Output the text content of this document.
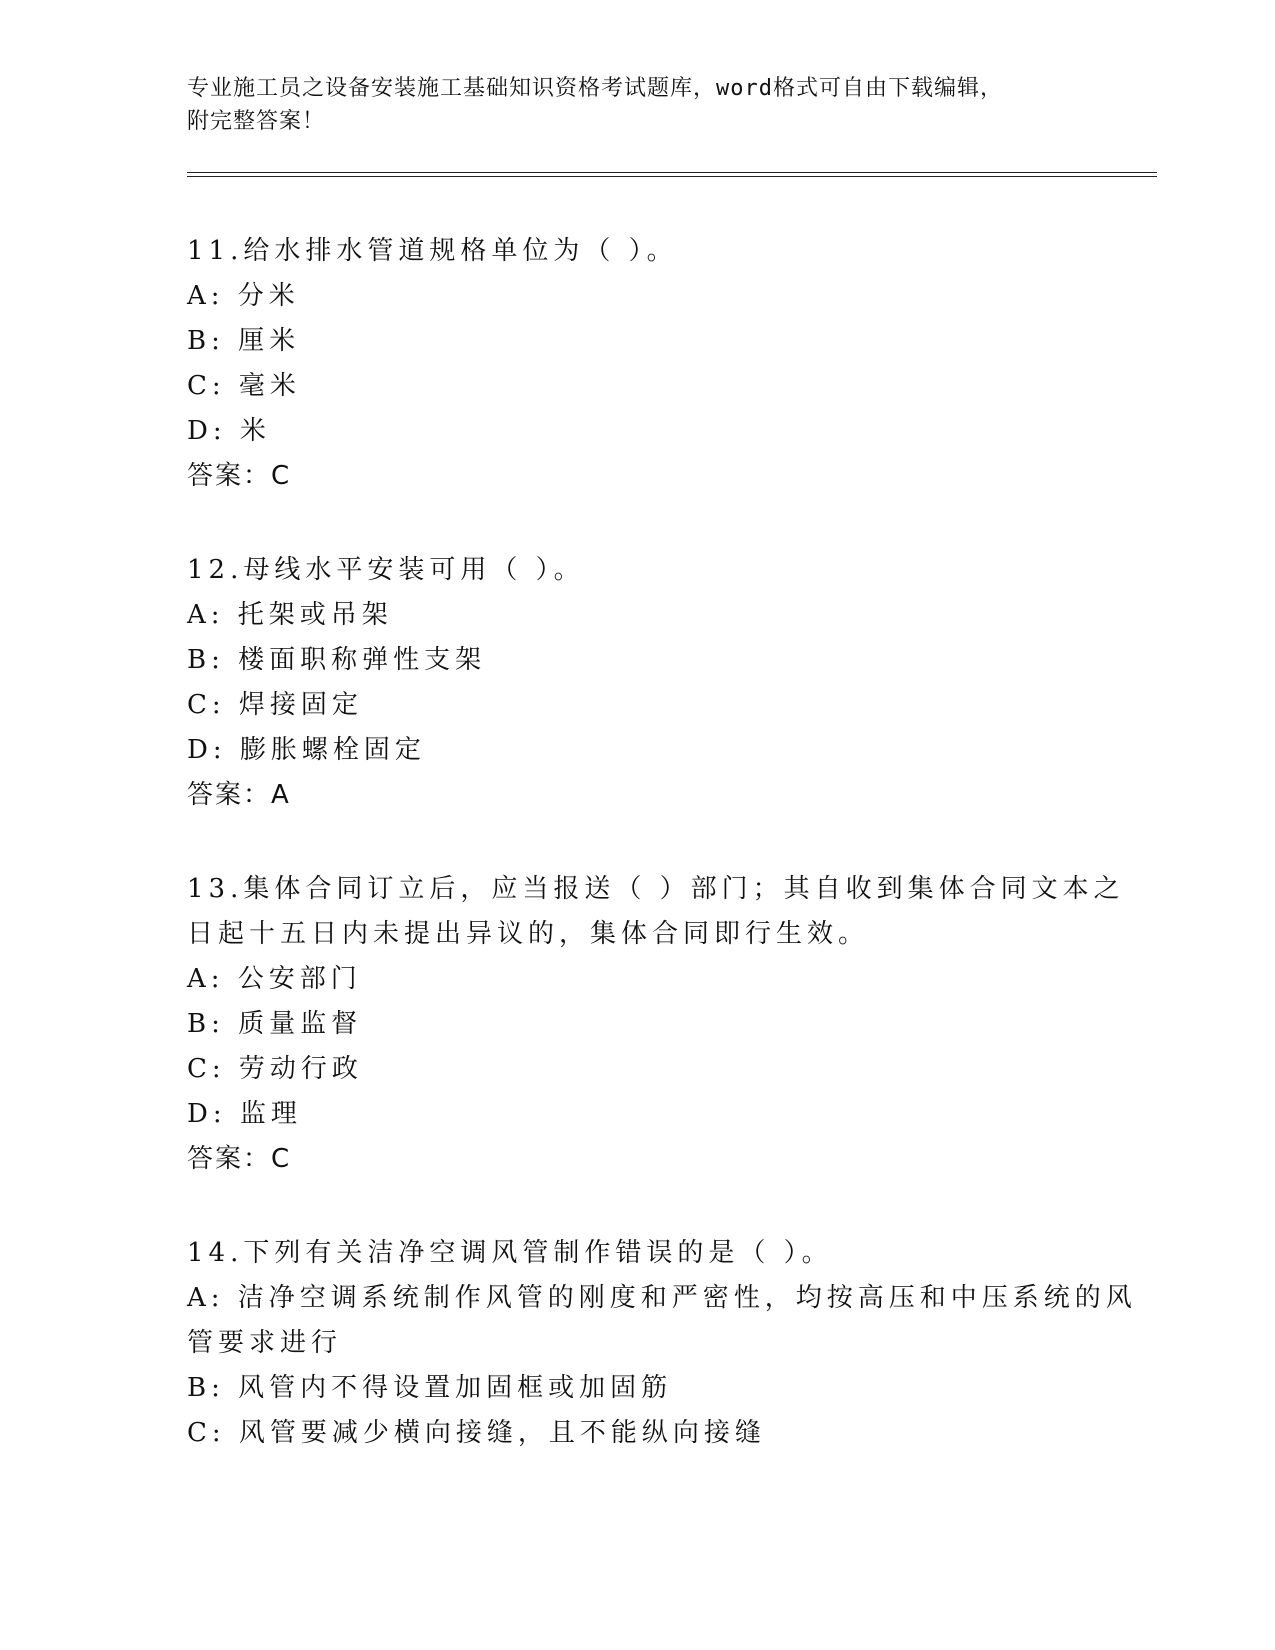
专业施工员之设备安装施工基础知识资格考试题库，word格式可自由下载编辑，

附完整答案！

11.给水排水管道规格单位为（ ）。

A: 分米

B: 厘米

C: 毫米

D: 米

答案：C

12.母线水平安装可用（ ）。

A: 托架或吊架

B: 楼面职称弹性支架

C: 焊接固定

D: 膨胀螺栓固定

答案：A

13.集体合同订立后，应当报送（ ）部门；其自收到集体合同文本之

日起十五日内未提出异议的，集体合同即行生效。

A: 公安部门

B: 质量监督

C: 劳动行政

D: 监理

答案：C

14.下列有关洁净空调风管制作错误的是（ ）。

A: 洁净空调系统制作风管的刚度和严密性，均按高压和中压系统的风

管要求进行

B: 风管内不得设置加固框或加固筋

C: 风管要减少横向接缝，且不能纵向接缝
